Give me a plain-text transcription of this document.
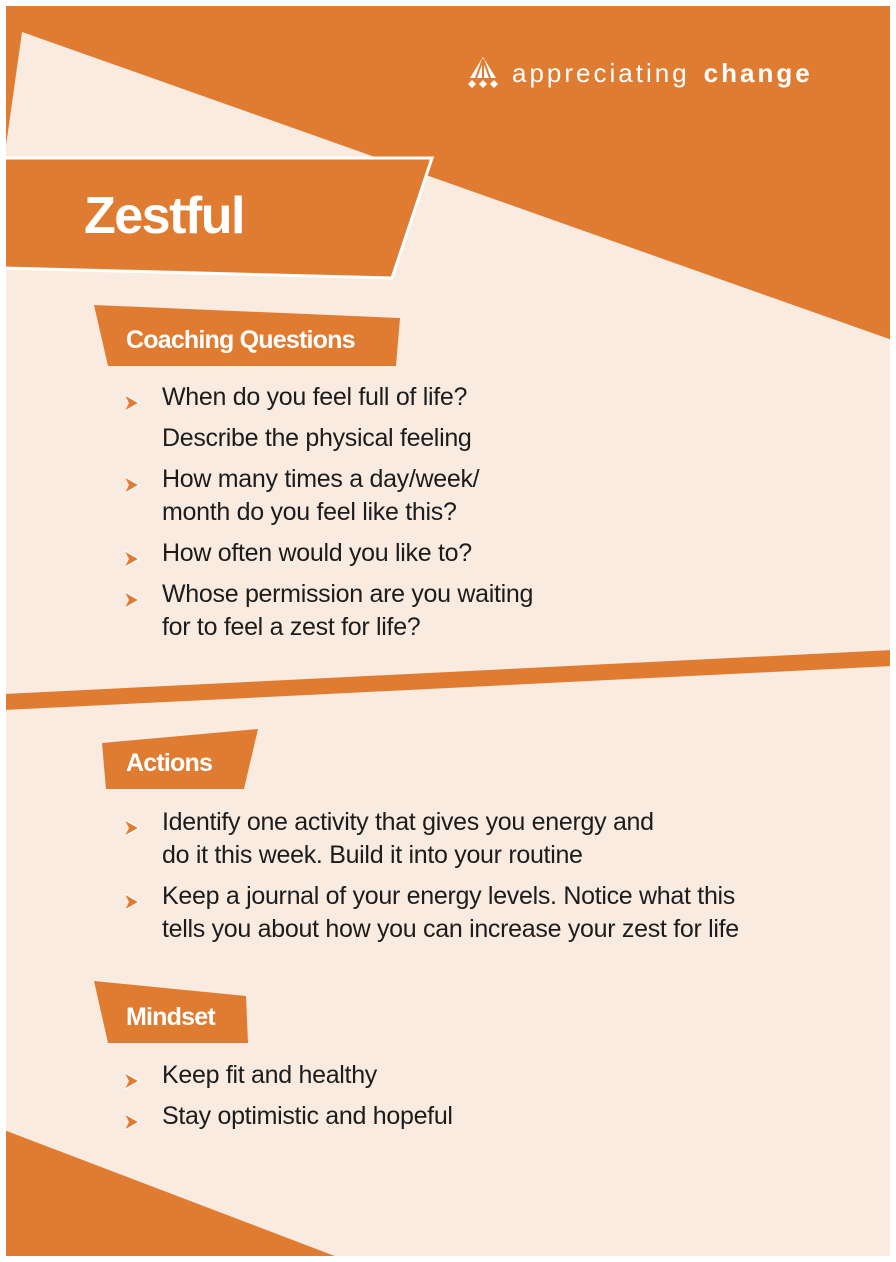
appreciating change
Zestful
Coaching Questions
When do you feel full of life?
Describe the physical feeling
How many times a day/week/
month do you feel like this?
How often would you like to?
Whose permission are you waiting
for to feel a zest for life?
Actions
Identify one activity that gives you energy and
do it this week. Build it into your routine
Keep a journal of your energy levels. Notice what this
tells you about how you can increase your zest for life
Mindset
Keep fit and healthy
Stay optimistic and hopeful
